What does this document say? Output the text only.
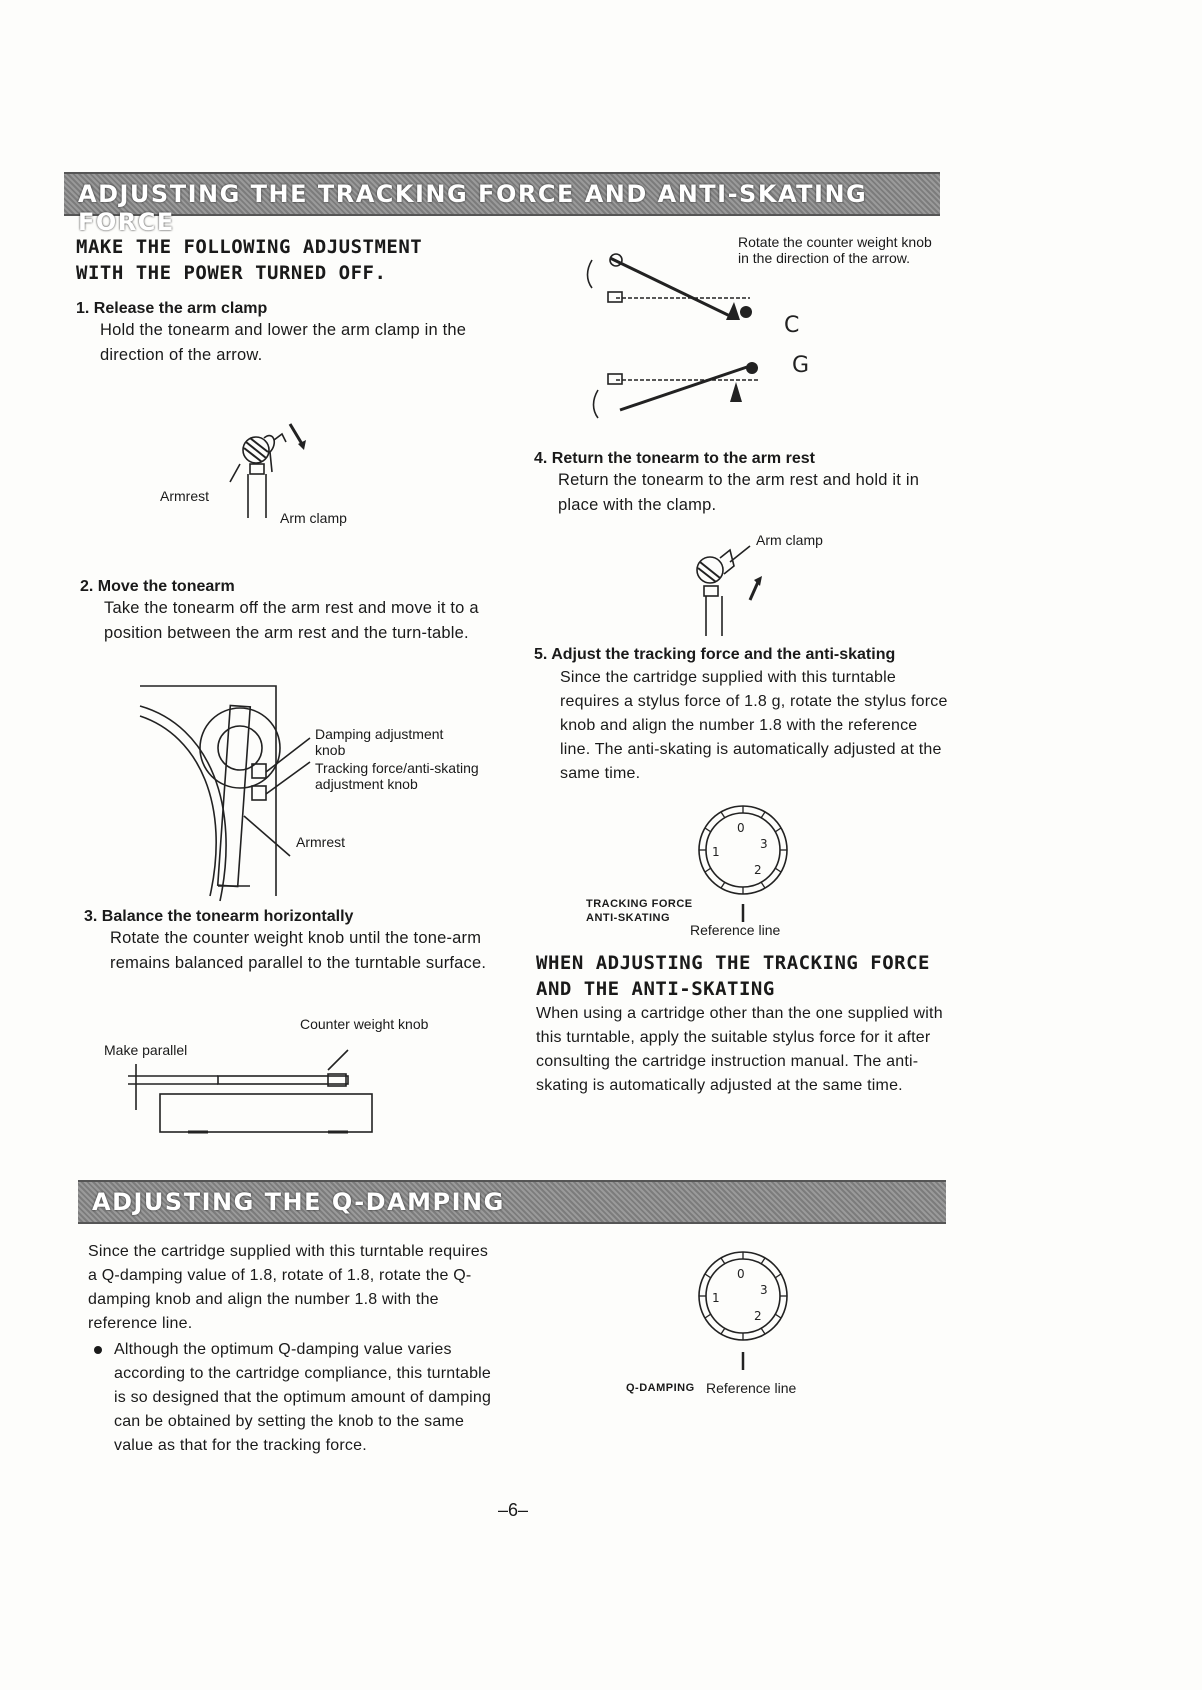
ADJUSTING THE TRACKING FORCE AND ANTI-SKATING FORCE
MAKE THE FOLLOWING ADJUSTMENT
WITH THE POWER TURNED OFF.
1. Release the arm clamp
Hold the tonearm and lower the arm clamp in the direction of the arrow.
Armrest
Arm clamp
2. Move the tonearm
Take the tonearm off the arm rest and move it to a position between the arm rest and the turn-table.
Damping adjustment knob
Tracking force/anti-skating adjustment knob
Armrest
3. Balance the tonearm horizontally
Rotate the counter weight knob until the tone-arm remains balanced parallel to the turntable surface.
Counter weight knob
Make parallel
C
G
Rotate the counter weight knob in the direction of the arrow.
4. Return the tonearm to the arm rest
Return the tonearm to the arm rest and hold it in place with the clamp.
Arm clamp
5. Adjust the tracking force and the anti-skating
Since the cartridge supplied with this turntable requires a stylus force of 1.8 g, rotate the stylus force knob and align the number 1.8 with the reference line. The anti-skating is automatically adjusted at the same time.
0
3
1
2
TRACKING FORCE
ANTI-SKATING
Reference line
WHEN ADJUSTING THE TRACKING FORCE
AND THE ANTI-SKATING
When using a cartridge other than the one supplied with this turntable, apply the suitable stylus force for it after consulting the cartridge instruction manual. The anti-skating is automatically adjusted at the same time.
ADJUSTING THE Q-DAMPING
Since the cartridge supplied with this turntable requires a Q-damping value of 1.8, rotate of 1.8, rotate the Q-damping knob and align the number 1.8 with the reference line.
Although the optimum Q-damping value varies according to the cartridge compliance, this turntable is so designed that the optimum amount of damping can be obtained by setting the knob to the same value as that for the tracking force.
0
3
1
2
Q-DAMPING Reference line
–6–
